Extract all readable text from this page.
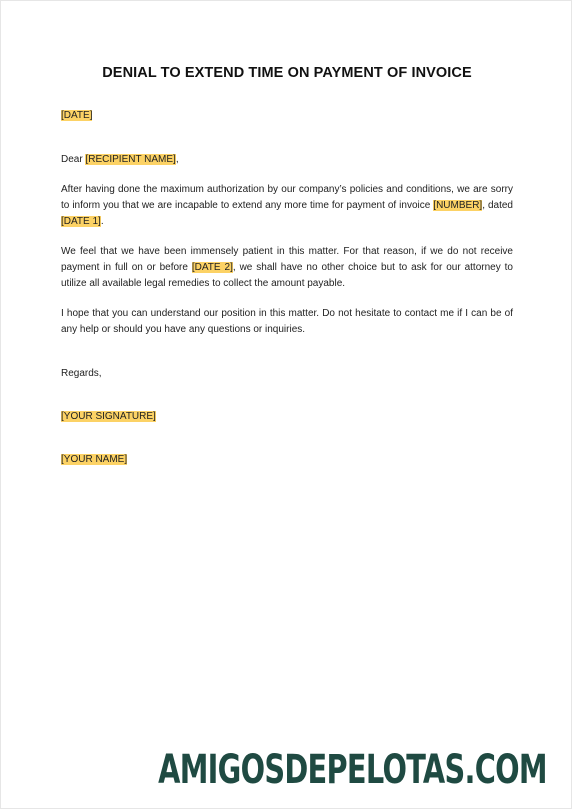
DENIAL TO EXTEND TIME ON PAYMENT OF INVOICE
[DATE]
Dear [RECIPIENT NAME],
After having done the maximum authorization by our company’s policies and conditions, we are sorry to inform you that we are incapable to extend any more time for payment of invoice [NUMBER], dated [DATE 1].
We feel that we have been immensely patient in this matter. For that reason, if we do not receive payment in full on or before [DATE 2], we shall have no other choice but to ask for our attorney to utilize all available legal remedies to collect the amount payable.
I hope that you can understand our position in this matter. Do not hesitate to contact me if I can be of any help or should you have any questions or inquiries.
Regards,
[YOUR SIGNATURE]
[YOUR NAME]
AMIGOSDEPELOTAS.COM
